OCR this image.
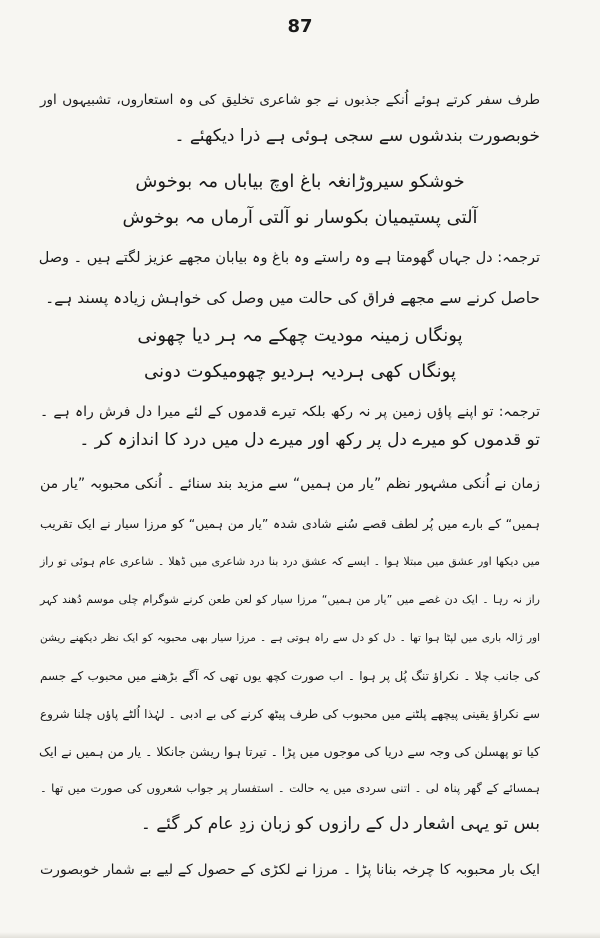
87
طرف سفر کرتے ہوئے اُنکے جذبوں نے جو شاعری تخلیق کی وہ استعاروں، تشبیہوں اور
خوبصورت بندشوں سے سجی ہوئی ہے ذرا دیکھئے ۔
خوشکو سیروڑانغہ باغ اوچ بیاباں مہ بوخوش
آلتی پستیمیان بکوسار نو آلتی آرماں مہ بوخوش
ترجمہ: دل جہاں گھومتا ہے وہ راستے وہ باغ وہ بیابان مجھے عزیز لگتے ہیں ۔ وصل
حاصل کرنے سے مجھے فراق کی حالت میں وصل کی خواہش زیادہ پسند ہے۔
پونگاں زمینہ مودیت چھکے مہ ہر دیا چھونی
پونگاں کھی ہردیہ ہردیو چھومیکوت دونی
ترجمہ: تو اپنے پاؤں زمین پر نہ رکھ بلکہ تیرے قدموں کے لئے میرا دل فرش راہ ہے ۔
تو قدموں کو میرے دل پر رکھ اور میرے دل میں درد کا اندازہ کر ۔
زمان نے اُنکی مشہور نظم ”یار من ہمیں“ سے مزید بند سنائے ۔ اُنکی محبوبہ ”یار من
ہمیں“ کے بارے میں پُر لطف قصے سُنے شادی شدہ ”یار من ہمیں“ کو مرزا سیار نے ایک تقریب
میں دیکھا اور عشق میں مبتلا ہوا ۔ ایسے کہ عشق درد بنا درد شاعری میں ڈھلا ۔ شاعری عام ہوئی تو راز
راز نہ رہا ۔ ایک دن غصے میں ”یار من ہمیں“ مرزا سیار کو لعن طعن کرنے شوگرام چلی موسم دُھند کہر
اور ژالہ باری میں لپٹا ہوا تھا ۔ دل کو دل سے راہ ہوتی ہے ۔ مرزا سیار بھی محبوبہ کو ایک نظر دیکھنے ریشن
کی جانب چلا ۔ نکراؤ تنگ پُل پر ہوا ۔ اب صورت کچھ یوں تھی کہ آگے بڑھنے میں محبوب کے جسم
سے نکراؤ یقینی پیچھے پلٹنے میں محبوب کی طرف پیٹھ کرنے کی بے ادبی ۔ لہٰذا اُلٹے پاؤں چلنا شروع
کیا تو پھسلن کی وجہ سے دریا کی موجوں میں پڑا ۔ تیرتا ہوا ریشن جانکلا ۔ یار من ہمیں نے ایک
ہمسائے کے گھر پناہ لی ۔ اتنی سردی میں یہ حالت ۔ استفسار پر جواب شعروں کی صورت میں تھا ۔
بس تو یہی اشعار دل کے رازوں کو زبان زدِ عام کر گئے ۔
ایک بار محبوبہ کا چرخہ بنانا پڑا ۔ مرزا نے لکڑی کے حصول کے لیے بے شمار خوبصورت
